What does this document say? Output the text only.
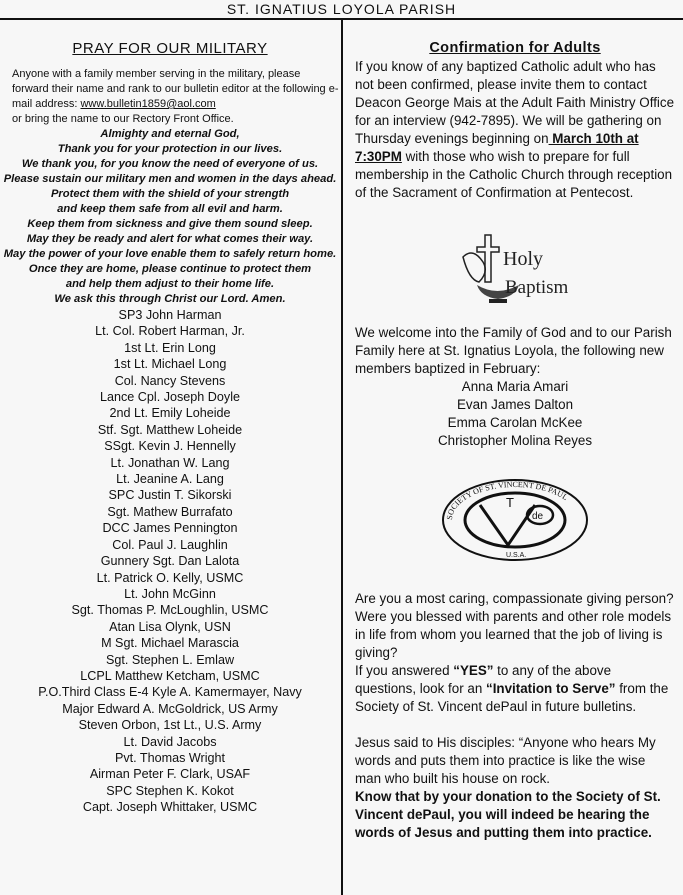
ST. IGNATIUS LOYOLA PARISH
PRAY FOR OUR MILITARY
Anyone with a family member serving in the military, please forward their name and rank to our bulletin editor at the following e-mail address: www.bulletin1859@aol.com
or bring the name to our Rectory Front Office.
Almighty and eternal God,
Thank you for your protection in our lives.
We thank you, for you know the need of everyone of us.
Please sustain our military men and women in the days ahead.
Protect them with the shield of your strength
and keep them safe from all evil and harm.
Keep them from sickness and give them sound sleep.
May they be ready and alert for what comes their way.
May the power of your love enable them to safely return home.
Once they are home, please continue to protect them
and help them adjust to their home life.
We ask this through Christ our Lord. Amen.
SP3 John Harman
Lt. Col. Robert Harman, Jr.
1st Lt. Erin Long
1st Lt. Michael Long
Col. Nancy Stevens
Lance Cpl. Joseph Doyle
2nd Lt. Emily Loheide
Stf. Sgt. Matthew Loheide
SSgt. Kevin J. Hennelly
Lt. Jonathan W. Lang
Lt. Jeanine A. Lang
SPC Justin T. Sikorski
Sgt. Mathew Burrafato
DCC James Pennington
Col. Paul J. Laughlin
Gunnery Sgt. Dan Lalota
Lt. Patrick O. Kelly, USMC
Lt. John McGinn
Sgt. Thomas P. McLoughlin, USMC
Atan Lisa Olynk, USN
M Sgt. Michael Marascia
Sgt. Stephen L. Emlaw
LCPL Matthew Ketcham, USMC
P.O.Third Class E-4 Kyle A. Kamermayer, Navy
Major Edward A. McGoldrick, US Army
Steven Orbon, 1st Lt., U.S. Army
Lt. David Jacobs
Pvt. Thomas Wright
Airman Peter F. Clark, USAF
SPC Stephen K. Kokot
Capt. Joseph Whittaker, USMC
Confirmation for Adults
If you know of any baptized Catholic adult who has not been confirmed, please invite them to contact Deacon George Mais at the Adult Faith Ministry Office for an interview (942-7895). We will be gathering on Thursday evenings beginning on March 10th at 7:30PM with those who wish to prepare for full membership in the Catholic Church through reception of the Sacrament of Confirmation at Pentecost.
Holy
Baptism
We welcome into the Family of God and to our Parish Family here at St. Ignatius Loyola, the following new members baptized in February:
Anna Maria Amari
Evan James Dalton
Emma Carolan McKee
Christopher Molina Reyes
SOCIETY OF ST. VINCENT DE PAUL
U.S.A.
T
de
Are you a most caring, compassionate giving person? Were you blessed with parents and other role models in life from whom you learned that the job of living is giving?
If you answered “YES” to any of the above questions, look for an “Invitation to Serve” from the Society of St. Vincent dePaul in future bulletins.
Jesus said to His disciples: “Anyone who hears My words and puts them into practice is like the wise man who built his house on rock.
Know that by your donation to the Society of St. Vincent dePaul, you will indeed be hearing the words of Jesus and putting them into practice.
